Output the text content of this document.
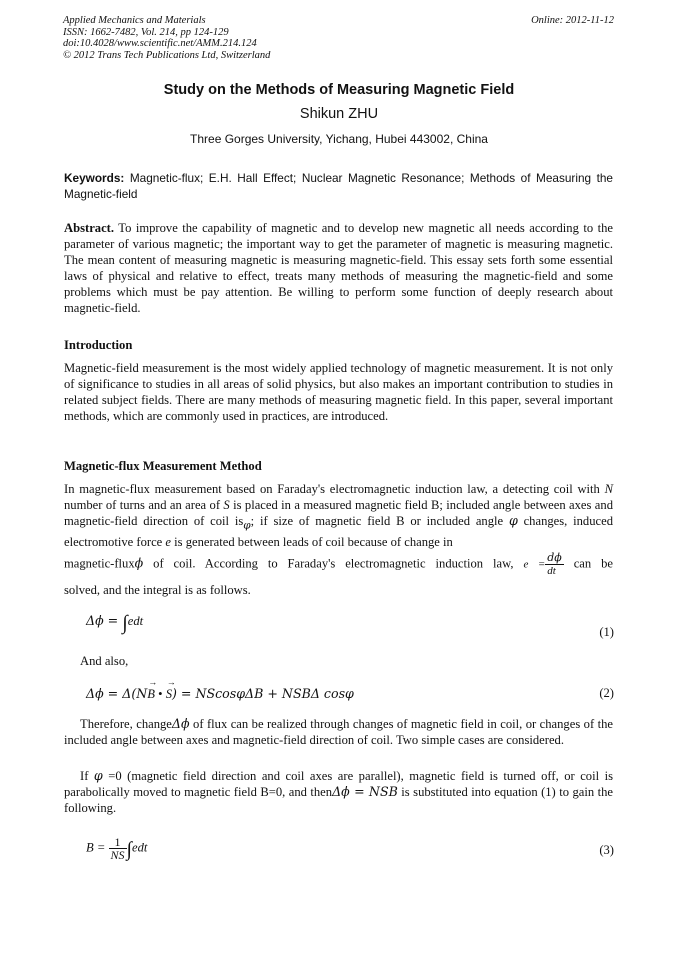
Applied Mechanics and Materials
ISSN: 1662-7482, Vol. 214, pp 124-129
doi:10.4028/www.scientific.net/AMM.214.124
© 2012 Trans Tech Publications Ltd, Switzerland
Online: 2012-11-12
Study on the Methods of Measuring Magnetic Field
Shikun ZHU
Three Gorges University, Yichang, Hubei 443002, China
Keywords: Magnetic-flux; E.H. Hall Effect; Nuclear Magnetic Resonance; Methods of Measuring the Magnetic-field
Abstract. To improve the capability of magnetic and to develop new magnetic all needs according to the parameter of various magnetic; the important way to get the parameter of magnetic is measuring magnetic. The mean content of measuring magnetic is measuring magnetic-field. This essay sets forth some essential laws of physical and relative to effect, treats many methods of measuring the magnetic-field and some problems which must be pay attention. Be willing to perform some function of deeply research about magnetic-field.
Introduction
Magnetic-field measurement is the most widely applied technology of magnetic measurement. It is not only of significance to studies in all areas of solid physics, but also makes an important contribution to studies in related subject fields. There are many methods of measuring magnetic field. In this paper, several important methods, which are commonly used in practices, are introduced.
Magnetic-flux Measurement Method
In magnetic-flux measurement based on Faraday's electromagnetic induction law, a detecting coil with N number of turns and an area of S is placed in a measured magnetic field B; included angle between axes and magnetic-field direction of coil $is_\varphi$; if size of magnetic field B or included angle φ changes, induced electromotive force e is generated between leads of coil because of change in
magnetic-fluxϕ of coil. According to Faraday's electromagnetic induction law, $e = \frac{d\phi}{dt}$ can be
solved, and the integral is as follows.
Δϕ = ∫edt
(1)
And also,
Δϕ = Δ(N→ B • → S) = NScosφΔB + NSBΔ cosφ	(2)
Therefore, changeΔϕ of flux can be realized through changes of magnetic field in coil, or changes of the included angle between axes and magnetic-field direction of coil. Two simple cases are considered.
If φ =0 (magnetic field direction and coil axes are parallel), magnetic field is turned off, or coil is parabolically moved to magnetic field B=0, and thenΔϕ = NSB is substituted into equation (1) to gain the following.
$B = \frac{1}{NS} \int edt$	(3)
